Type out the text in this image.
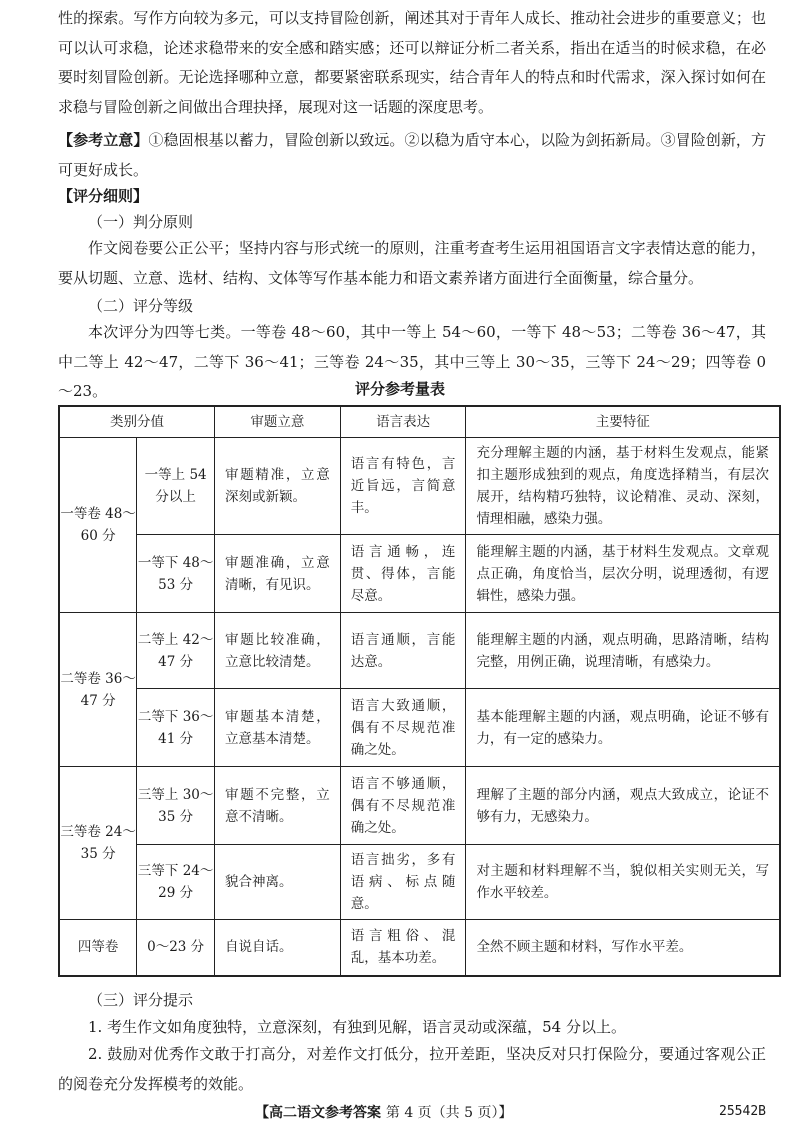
性的探索。写作方向较为多元，可以支持冒险创新，阐述其对于青年人成长、推动社会进步的重要意义；也可以认可求稳，论述求稳带来的安全感和踏实感；还可以辩证分析二者关系，指出在适当的时候求稳，在必要时刻冒险创新。无论选择哪种立意，都要紧密联系现实，结合青年人的特点和时代需求，深入探讨如何在求稳与冒险创新之间做出合理抉择，展现对这一话题的深度思考。

【参考立意】①稳固根基以蓄力，冒险创新以致远。②以稳为盾守本心，以险为剑拓新局。③冒险创新，方可更好成长。

【评分细则】

（一）判分原则

作文阅卷要公正公平；坚持内容与形式统一的原则，注重考查考生运用祖国语言文字表情达意的能力，要从切题、立意、选材、结构、文体等写作基本能力和语文素养诸方面进行全面衡量，综合量分。

（二）评分等级

本次评分为四等七类。一等卷 48～60，其中一等上 54～60，一等下 48～53；二等卷 36～47，其中二等上 42～47，二等下 36～41；三等卷 24～35，其中三等上 30～35，三等下 24～29；四等卷 0～23。	评分参考量表
类别分值		审题立意	语言表达	主要特征
一等卷 48～60 分	一等上 54 分以上	审题精准，立意深刻或新颖。	语言有特色，言近旨远，言简意丰。	充分理解主题的内涵，基于材料生发观点，能紧扣主题形成独到的观点，角度选择精当，有层次展开，结构精巧独特，议论精准、灵动、深刻，情理相融，感染力强。
	一等下 48～53 分	审题准确，立意清晰，有见识。	语言通畅，连贯、得体，言能尽意。	能理解主题的内涵，基于材料生发观点。文章观点正确，角度恰当，层次分明，说理透彻，有逻辑性，感染力强。
二等卷 36～47 分	二等上 42～47 分	审题比较准确，立意比较清楚。	语言通顺，言能达意。	能理解主题的内涵，观点明确，思路清晰，结构完整，用例正确，说理清晰，有感染力。
	二等下 36～41 分	审题基本清楚，立意基本清楚。	语言大致通顺，偶有不尽规范准确之处。	基本能理解主题的内涵，观点明确，论证不够有力，有一定的感染力。
三等卷 24～35 分	三等上 30～35 分	审题不完整，立意不清晰。	语言不够通顺，偶有不尽规范准确之处。	理解了主题的部分内涵，观点大致成立，论证不够有力，无感染力。
	三等下 24～29 分	貌合神离。	语言拙劣，多有语病、标点随意。	对主题和材料理解不当，貌似相关实则无关，写作水平较差。
四等卷	0～23 分	自说自话。	语言粗俗、混乱，基本功差。	全然不顾主题和材料，写作水平差。

（三）评分提示

1. 考生作文如角度独特，立意深刻，有独到见解，语言灵动或深蕴，54 分以上。

2. 鼓励对优秀作文敢于打高分，对差作文打低分，拉开差距，坚决反对只打保险分，要通过客观公正的阅卷充分发挥模考的效能。

【高二语文参考答案 第 4 页（共 5 页）】	25542B
